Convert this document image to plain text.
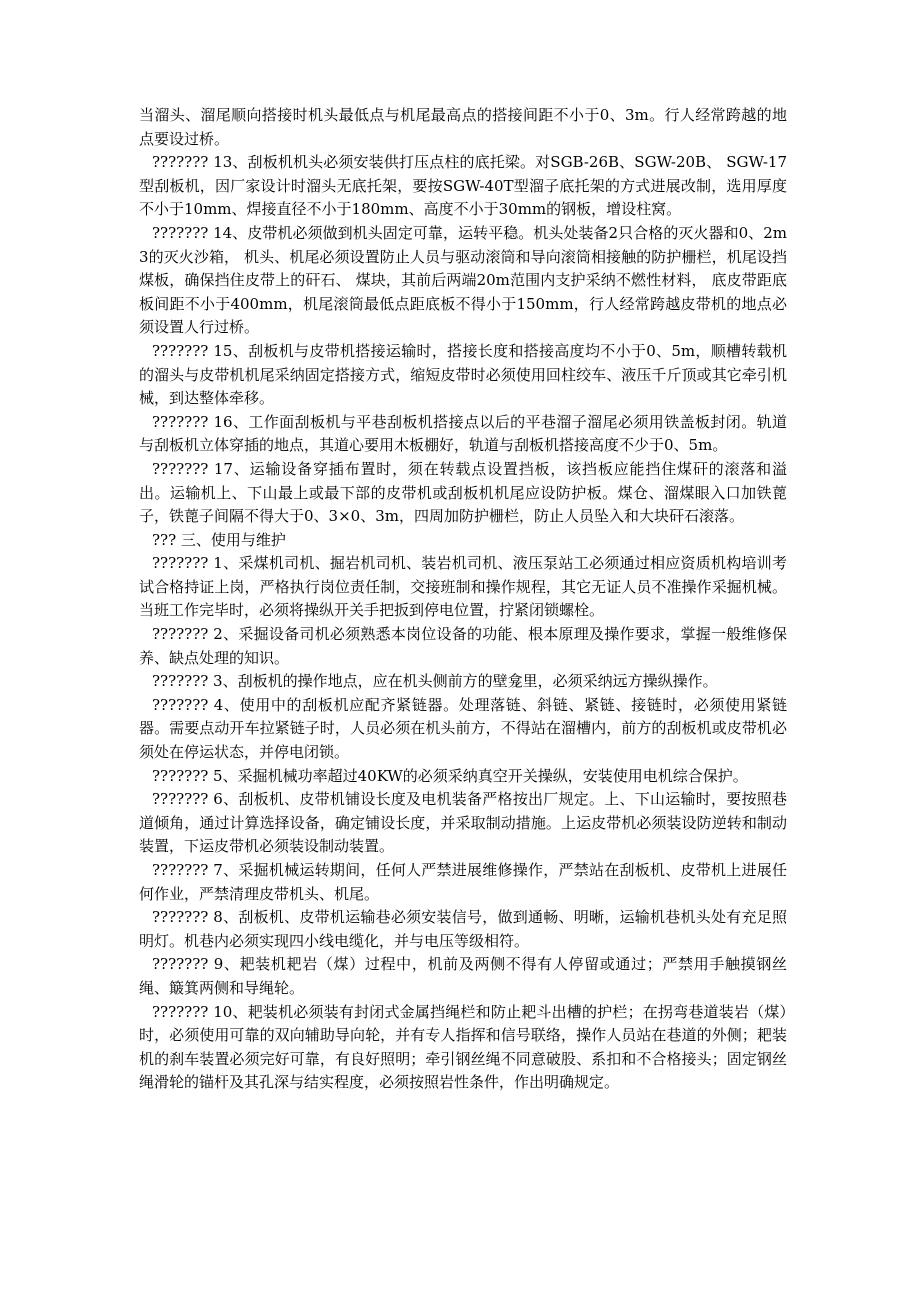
当溜头、溜尾顺向搭接时机头最低点与机尾最高点的搭接间距不小于0、3m。行人经常跨越的地点要设过桥。

??????? 13、刮板机机头必须安装供打压点柱的底托梁。对SGB-26B、SGW-20B、 SGW-17型刮板机，因厂家设计时溜头无底托架，要按SGW-40T型溜子底托架的方式进展改制，选用厚度不小于10mm、焊接直径不小于180mm、高度不小于30mm的钢板，增设柱窝。

??????? 14、皮带机必须做到机头固定可靠，运转平稳。机头处装备2只合格的灭火器和0、2m3的灭火沙箱， 机头、机尾必须设置防止人员与驱动滚筒和导向滚筒相接触的防护栅栏，机尾设挡煤板，确保挡住皮带上的矸石、 煤块，其前后两端20m范围内支护采纳不燃性材料， 底皮带距底板间距不小于400mm，机尾滚筒最低点距底板不得小于150mm，行人经常跨越皮带机的地点必须设置人行过桥。

??????? 15、刮板机与皮带机搭接运输时，搭接长度和搭接高度均不小于0、5m，顺槽转载机的溜头与皮带机机尾采纳固定搭接方式，缩短皮带时必须使用回柱绞车、液压千斤顶或其它牵引机械，到达整体牵移。

??????? 16、工作面刮板机与平巷刮板机搭接点以后的平巷溜子溜尾必须用铁盖板封闭。轨道与刮板机立体穿插的地点，其道心要用木板棚好，轨道与刮板机搭接高度不少于0、5m。

??????? 17、运输设备穿插布置时，须在转载点设置挡板，该挡板应能挡住煤矸的滚落和溢出。运输机上、下山最上或最下部的皮带机或刮板机机尾应设防护板。煤仓、溜煤眼入口加铁蓖子，铁蓖子间隔不得大于0、3×0、3m，四周加防护栅栏，防止人员坠入和大块矸石滚落。

??? 三、使用与维护

??????? 1、采煤机司机、掘岩机司机、装岩机司机、液压泵站工必须通过相应资质机构培训考试合格持证上岗，严格执行岗位责任制，交接班制和操作规程，其它无证人员不准操作采掘机械。当班工作完毕时，必须将操纵开关手把扳到停电位置，拧紧闭锁螺栓。

??????? 2、采掘设备司机必须熟悉本岗位设备的功能、根本原理及操作要求，掌握一般维修保养、缺点处理的知识。

??????? 3、刮板机的操作地点，应在机头侧前方的壁龛里，必须采纳远方操纵操作。

??????? 4、使用中的刮板机应配齐紧链器。处理落链、斜链、紧链、接链时，必须使用紧链器。需要点动开车拉紧链子时，人员必须在机头前方，不得站在溜槽内，前方的刮板机或皮带机必须处在停运状态，并停电闭锁。

??????? 5、采掘机械功率超过40KW的必须采纳真空开关操纵，安装使用电机综合保护。

??????? 6、刮板机、皮带机铺设长度及电机装备严格按出厂规定。上、下山运输时，要按照巷道倾角，通过计算选择设备，确定铺设长度，并采取制动措施。上运皮带机必须装设防逆转和制动装置，下运皮带机必须装设制动装置。

??????? 7、采掘机械运转期间，任何人严禁进展维修操作，严禁站在刮板机、皮带机上进展任何作业，严禁清理皮带机头、机尾。

??????? 8、刮板机、皮带机运输巷必须安装信号，做到通畅、明晰，运输机巷机头处有充足照明灯。机巷内必须实现四小线电缆化，并与电压等级相符。

??????? 9、耙装机耙岩（煤）过程中，机前及两侧不得有人停留或通过；严禁用手触摸钢丝绳、簸箕两侧和导绳轮。

??????? 10、耙装机必须装有封闭式金属挡绳栏和防止耙斗出槽的护栏；在拐弯巷道装岩（煤）时，必须使用可靠的双向辅助导向轮，并有专人指挥和信号联络，操作人员站在巷道的外侧；耙装机的刹车装置必须完好可靠，有良好照明；牵引钢丝绳不同意破股、系扣和不合格接头；固定钢丝绳滑轮的锚杆及其孔深与结实程度，必须按照岩性条件，作出明确规定。
